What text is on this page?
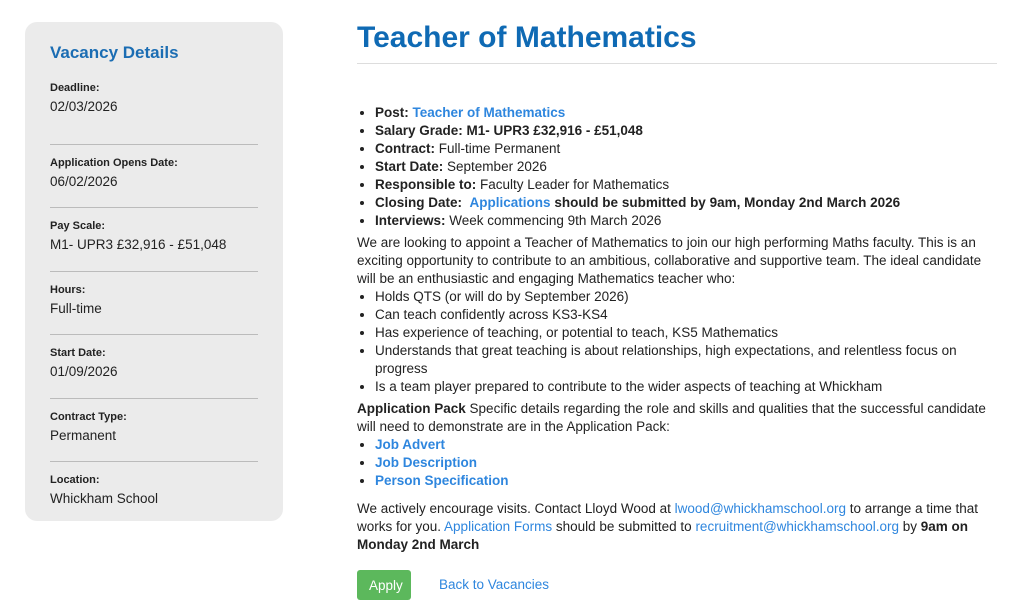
Vacancy Details
Deadline:
02/03/2026
Application Opens Date:
06/02/2026
Pay Scale:
M1- UPR3 £32,916 - £51,048
Hours:
Full-time
Start Date:
01/09/2026
Contract Type:
Permanent
Location:
Whickham School
Teacher of Mathematics
• Post: Teacher of Mathematics
• Salary Grade: M1- UPR3 £32,916 - £51,048
• Contract: Full-time Permanent
• Start Date: September 2026
• Responsible to: Faculty Leader for Mathematics
• Closing Date: Applications should be submitted by 9am, Monday 2nd March 2026
• Interviews: Week commencing 9th March 2026

We are looking to appoint a Teacher of Mathematics to join our high performing Maths faculty. This is an exciting opportunity to contribute to an ambitious, collaborative and supportive team. The ideal candidate will be an enthusiastic and engaging Mathematics teacher who:

• Holds QTS (or will do by September 2026)
• Can teach confidently across KS3-KS4
• Has experience of teaching, or potential to teach, KS5 Mathematics
• Understands that great teaching is about relationships, high expectations, and relentless focus on progress
• Is a team player prepared to contribute to the wider aspects of teaching at Whickham

Application Pack Specific details regarding the role and skills and qualities that the successful candidate will need to demonstrate are in the Application Pack:

• Job Advert
• Job Description
• Person Specification

We actively encourage visits. Contact Lloyd Wood at lwood@whickhamschool.org to arrange a time that works for you. Application Forms should be submitted to recruitment@whickhamschool.org by 9am on Monday 2nd March

Apply	Back to Vacancies
